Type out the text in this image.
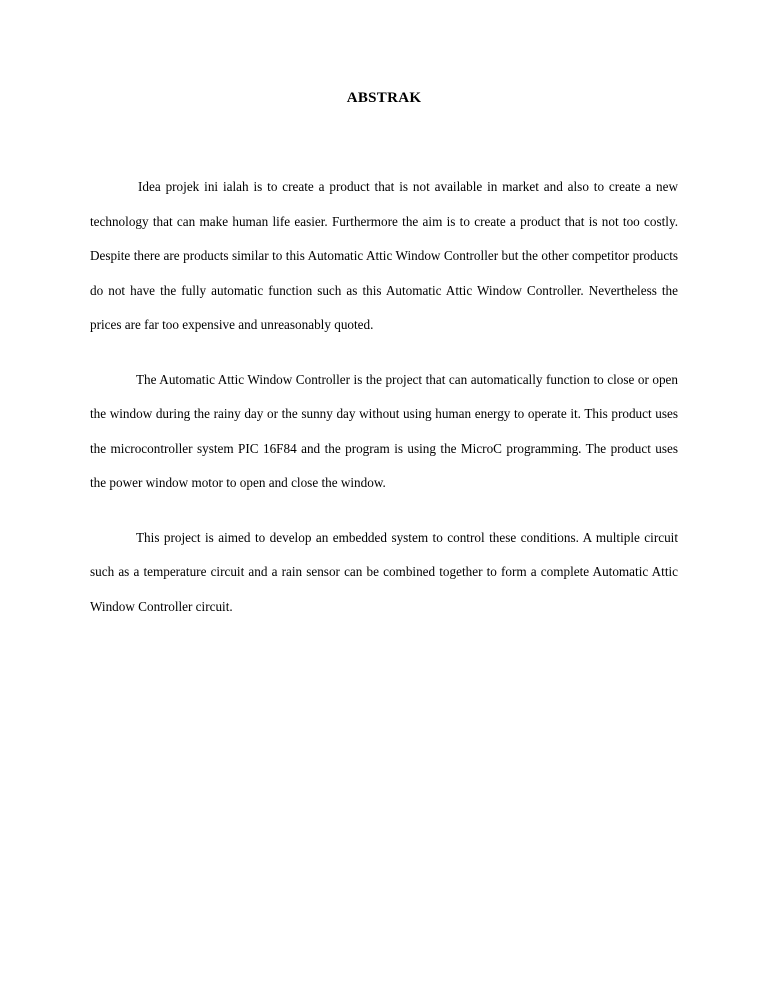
ABSTRAK

Idea projek ini ialah is to create a product that is not available in market and also to create a new technology that can make human life easier. Furthermore the aim is to create a product that is not too costly. Despite there are products similar to this Automatic Attic Window Controller but the other competitor products do not have the fully automatic function such as this Automatic Attic Window Controller. Nevertheless the prices are far too expensive and unreasonably quoted.

The Automatic Attic Window Controller is the project that can automatically function to close or open the window during the rainy day or the sunny day without using human energy to operate it. This product uses the microcontroller system PIC 16F84 and the program is using the MicroC programming. The product uses the power window motor to open and close the window.

This project is aimed to develop an embedded system to control these conditions. A multiple circuit such as a temperature circuit and a rain sensor can be combined together to form a complete Automatic Attic Window Controller circuit.
